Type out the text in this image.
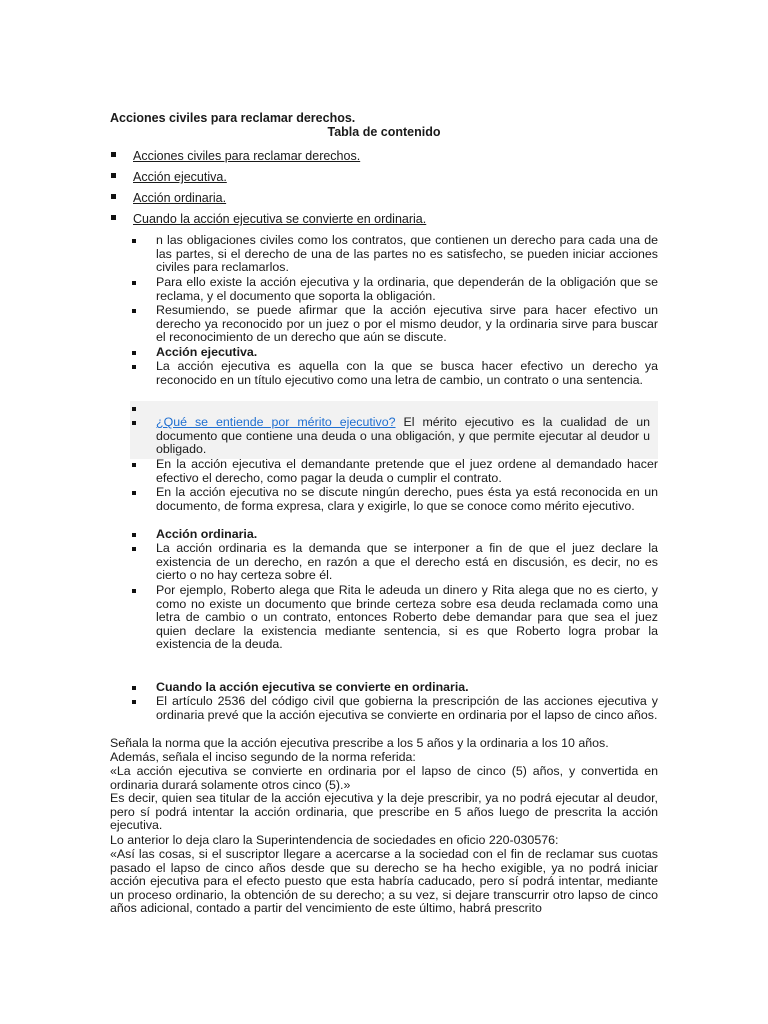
Acciones civiles para reclamar derechos.
Tabla de contenido
Acciones civiles para reclamar derechos.
Acción ejecutiva.
Acción ordinaria.
Cuando la acción ejecutiva se convierte en ordinaria.
n las obligaciones civiles como los contratos, que contienen un derecho para cada una de las partes, si el derecho de una de las partes no es satisfecho, se pueden iniciar acciones civiles para reclamarlos.
Para ello existe la acción ejecutiva y la ordinaria, que dependerán de la obligación que se reclama, y el documento que soporta la obligación.
Resumiendo, se puede afirmar que la acción ejecutiva sirve para hacer efectivo un derecho ya reconocido por un juez o por el mismo deudor, y la ordinaria sirve para buscar el reconocimiento de un derecho que aún se discute.
Acción ejecutiva.
La acción ejecutiva es aquella con la que se busca hacer efectivo un derecho ya reconocido en un título ejecutivo como una letra de cambio, un contrato o una sentencia.
¿Qué se entiende por mérito ejecutivo? El mérito ejecutivo es la cualidad de un documento que contiene una deuda o una obligación, y que permite ejecutar al deudor u obligado.
En la acción ejecutiva el demandante pretende que el juez ordene al demandado hacer efectivo el derecho, como pagar la deuda o cumplir el contrato.
En la acción ejecutiva no se discute ningún derecho, pues ésta ya está reconocida en un documento, de forma expresa, clara y exigirle, lo que se conoce como mérito ejecutivo.
Acción ordinaria.
La acción ordinaria es la demanda que se interponer a fin de que el juez declare la existencia de un derecho, en razón a que el derecho está en discusión, es decir, no es cierto o no hay certeza sobre él.
Por ejemplo, Roberto alega que Rita le adeuda un dinero y Rita alega que no es cierto, y como no existe un documento que brinde certeza sobre esa deuda reclamada como una letra de cambio o un contrato, entonces Roberto debe demandar para que sea el juez quien declare la existencia mediante sentencia, si es que Roberto logra probar la existencia de la deuda.
Cuando la acción ejecutiva se convierte en ordinaria.
El artículo 2536 del código civil que gobierna la prescripción de las acciones ejecutiva y ordinaria prevé que la acción ejecutiva se convierte en ordinaria por el lapso de cinco años.
Señala la norma que la acción ejecutiva prescribe a los 5 años y la ordinaria a los 10 años.
Además, señala el inciso segundo de la norma referida:
«La acción ejecutiva se convierte en ordinaria por el lapso de cinco (5) años, y convertida en ordinaria durará solamente otros cinco (5).»
Es decir, quien sea titular de la acción ejecutiva y la deje prescribir, ya no podrá ejecutar al deudor, pero sí podrá intentar la acción ordinaria, que prescribe en 5 años luego de prescrita la acción ejecutiva.
Lo anterior lo deja claro la Superintendencia de sociedades en oficio 220-030576:
«Así las cosas, si el suscriptor llegare a acercarse a la sociedad con el fin de reclamar sus cuotas pasado el lapso de cinco años desde que su derecho se ha hecho exigible, ya no podrá iniciar acción ejecutiva para el efecto puesto que esta habría caducado, pero sí podrá intentar, mediante un proceso ordinario, la obtención de su derecho; a su vez, si dejare transcurrir otro lapso de cinco años adicional, contado a partir del vencimiento de este último, habrá prescrito
